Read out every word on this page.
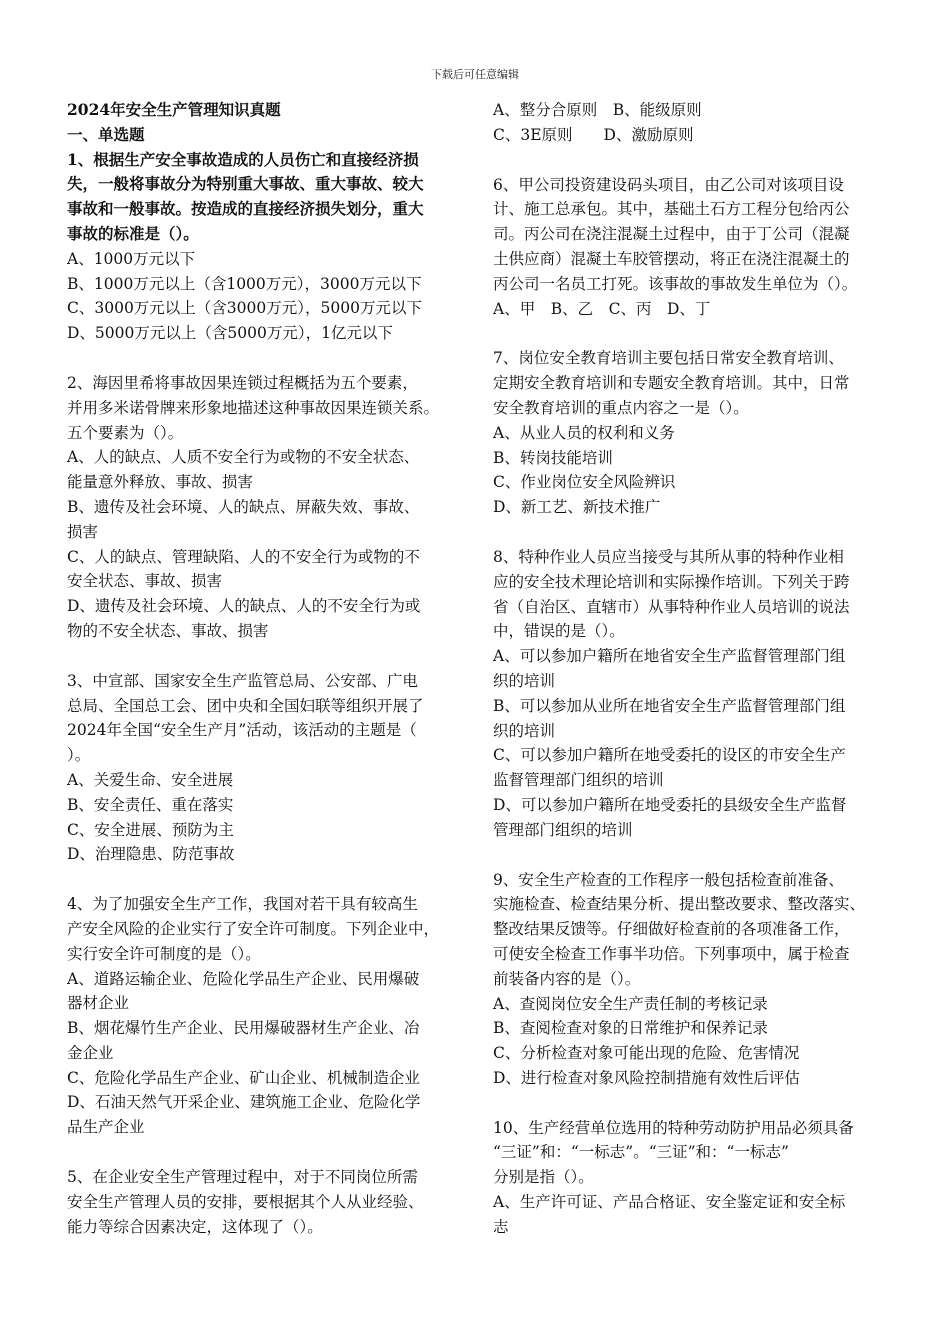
下载后可任意编辑
2024年安全生产管理知识真题
一、单选题
1、根据生产安全事故造成的人员伤亡和直接经济损
失，一般将事故分为特别重大事故、重大事故、较大
事故和一般事故。按造成的直接经济损失划分，重大
事故的标准是（）。
A、1000万元以下
B、1000万元以上（含1000万元），3000万元以下
C、3000万元以上（含3000万元），5000万元以下
D、5000万元以上（含5000万元），1亿元以下
2、海因里希将事故因果连锁过程概括为五个要素，
并用多米诺骨牌来形象地描述这种事故因果连锁关系。
五个要素为（）。
A、人的缺点、人质不安全行为或物的不安全状态、
能量意外释放、事故、损害
B、遗传及社会环境、人的缺点、屏蔽失效、事故、
损害
C、人的缺点、管理缺陷、人的不安全行为或物的不
安全状态、事故、损害
D、遗传及社会环境、人的缺点、人的不安全行为或
物的不安全状态、事故、损害
3、中宣部、国家安全生产监管总局、公安部、广电
总局、全国总工会、团中央和全国妇联等组织开展了
2024年全国“安全生产月”活动，该活动的主题是（
）。
A、关爱生命、安全进展
B、安全责任、重在落实
C、安全进展、预防为主
D、治理隐患、防范事故
4、为了加强安全生产工作，我国对若干具有较高生
产安全风险的企业实行了安全许可制度。下列企业中，
实行安全许可制度的是（）。
A、道路运输企业、危险化学品生产企业、民用爆破
器材企业
B、烟花爆竹生产企业、民用爆破器材生产企业、冶
金企业
C、危险化学品生产企业、矿山企业、机械制造企业
D、石油天然气开采企业、建筑施工企业、危险化学
品生产企业
5、在企业安全生产管理过程中，对于不同岗位所需
安全生产管理人员的安排，要根据其个人从业经验、
能力等综合因素决定，这体现了（）。
A、整分合原则　B、能级原则
C、3E原则　　D、激励原则
6、甲公司投资建设码头项目，由乙公司对该项目设
计、施工总承包。其中，基础土石方工程分包给丙公
司。丙公司在浇注混凝土过程中，由于丁公司（混凝
土供应商）混凝土车胶管摆动，将正在浇注混凝土的
丙公司一名员工打死。该事故的事故发生单位为（）。
A、甲　B、乙　C、丙　D、丁
7、岗位安全教育培训主要包括日常安全教育培训、
定期安全教育培训和专题安全教育培训。其中，日常
安全教育培训的重点内容之一是（）。
A、从业人员的权利和义务
B、转岗技能培训
C、作业岗位安全风险辨识
D、新工艺、新技术推广
8、特种作业人员应当接受与其所从事的特种作业相
应的安全技术理论培训和实际操作培训。下列关于跨
省（自治区、直辖市）从事特种作业人员培训的说法
中，错误的是（）。
A、可以参加户籍所在地省安全生产监督管理部门组
织的培训
B、可以参加从业所在地省安全生产监督管理部门组
织的培训
C、可以参加户籍所在地受委托的设区的市安全生产
监督管理部门组织的培训
D、可以参加户籍所在地受委托的县级安全生产监督
管理部门组织的培训
9、安全生产检查的工作程序一般包括检查前准备、
实施检查、检查结果分析、提出整改要求、整改落实、
整改结果反馈等。仔细做好检查前的各项准备工作，
可使安全检查工作事半功倍。下列事项中，属于检查
前装备内容的是（）。
A、查阅岗位安全生产责任制的考核记录
B、查阅检查对象的日常维护和保养记录
C、分析检查对象可能出现的危险、危害情况
D、进行检查对象风险控制措施有效性后评估
10、生产经营单位选用的特种劳动防护用品必须具备
“三证”和：“一标志”。“三证”和：“一标志”
分别是指（）。
A、生产许可证、产品合格证、安全鉴定证和安全标
志
